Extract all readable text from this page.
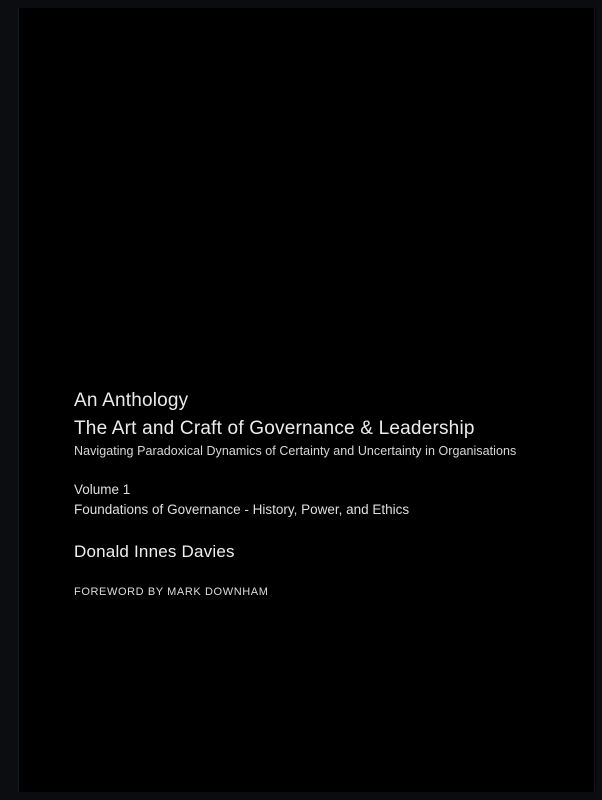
An Anthology
The Art and Craft of Governance & Leadership
Navigating Paradoxical Dynamics of Certainty and Uncertainty in Organisations
Volume 1
Foundations of Governance - History, Power, and Ethics
Donald Innes Davies
FOREWORD BY MARK DOWNHAM
